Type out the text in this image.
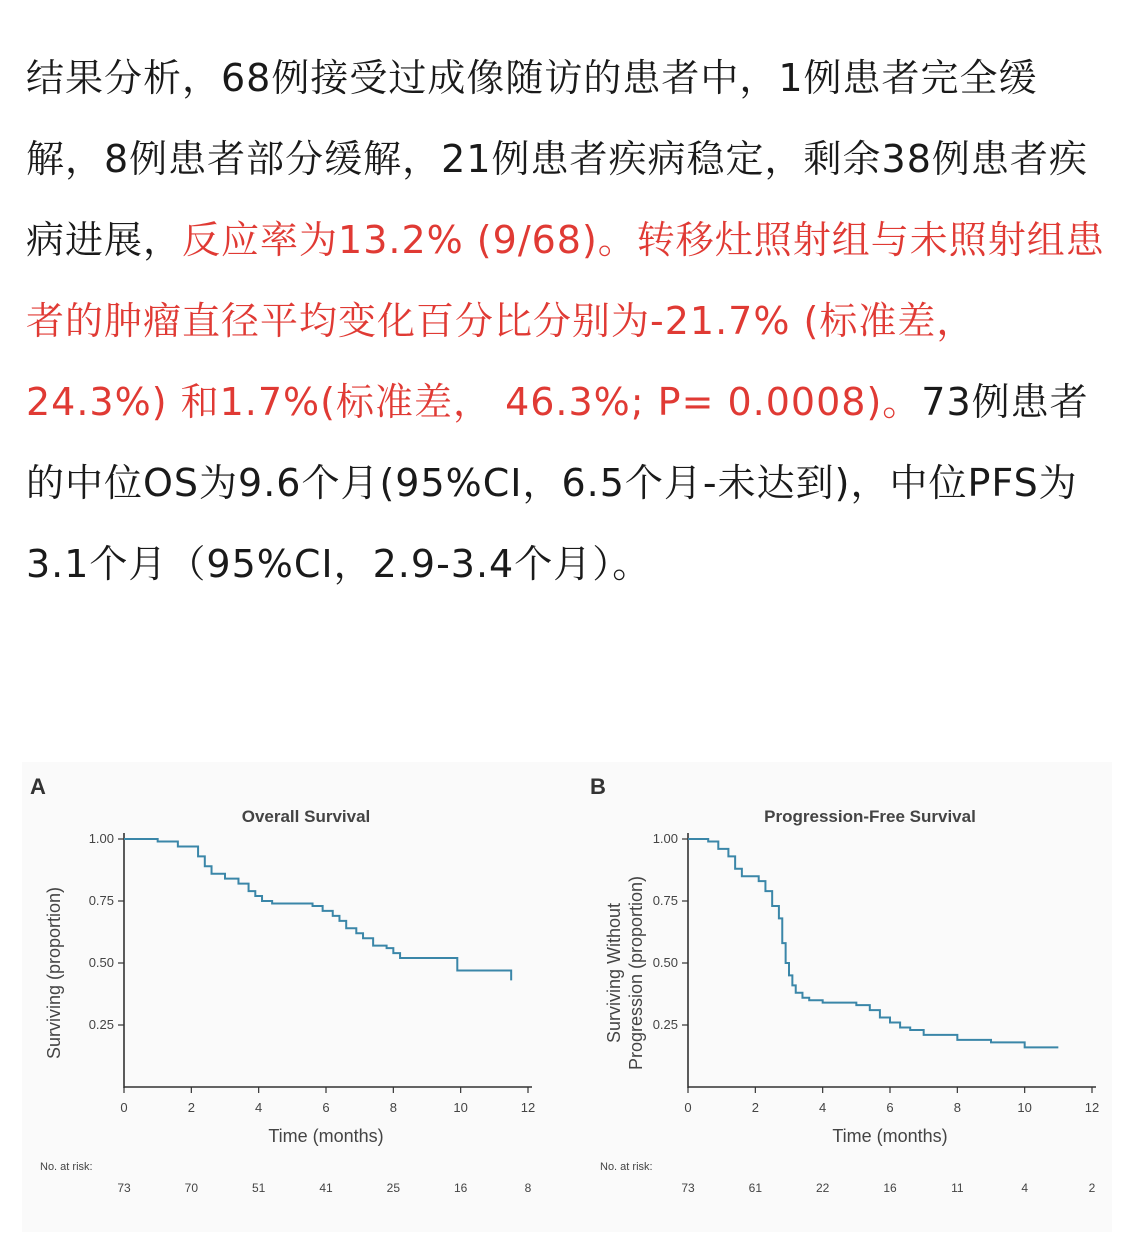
结果分析，68例接受过成像随访的患者中，1例患者完全缓解，8例患者部分缓解，21例患者疾病稳定，剩余38例患者疾病进展，反应率为13.2% (9/68)。转移灶照射组与未照射组患者的肿瘤直径平均变化百分比分别为-21.7% (标准差，24.3%) 和1.7%(标准差， 46.3%; P= 0.0008)。73例患者的中位OS为9.6个月(95%CI，6.5个月-未达到)，中位PFS为3.1个月（95%CI，2.9-3.4个月）。
A
Overall Survival
0.25
0.50
0.75
1.00
0	2	4	6	8	10	12
Time (months)
Surviving (proportion)
No. at risk:
73	70	51	41	25	16	8
B
Progression-Free Survival
0.25
0.50
0.75
1.00
0	2	4	6	8	10	12
Time (months)
Surviving Without Progression (proportion)
No. at risk:
73	61	22	16	11	4	2
